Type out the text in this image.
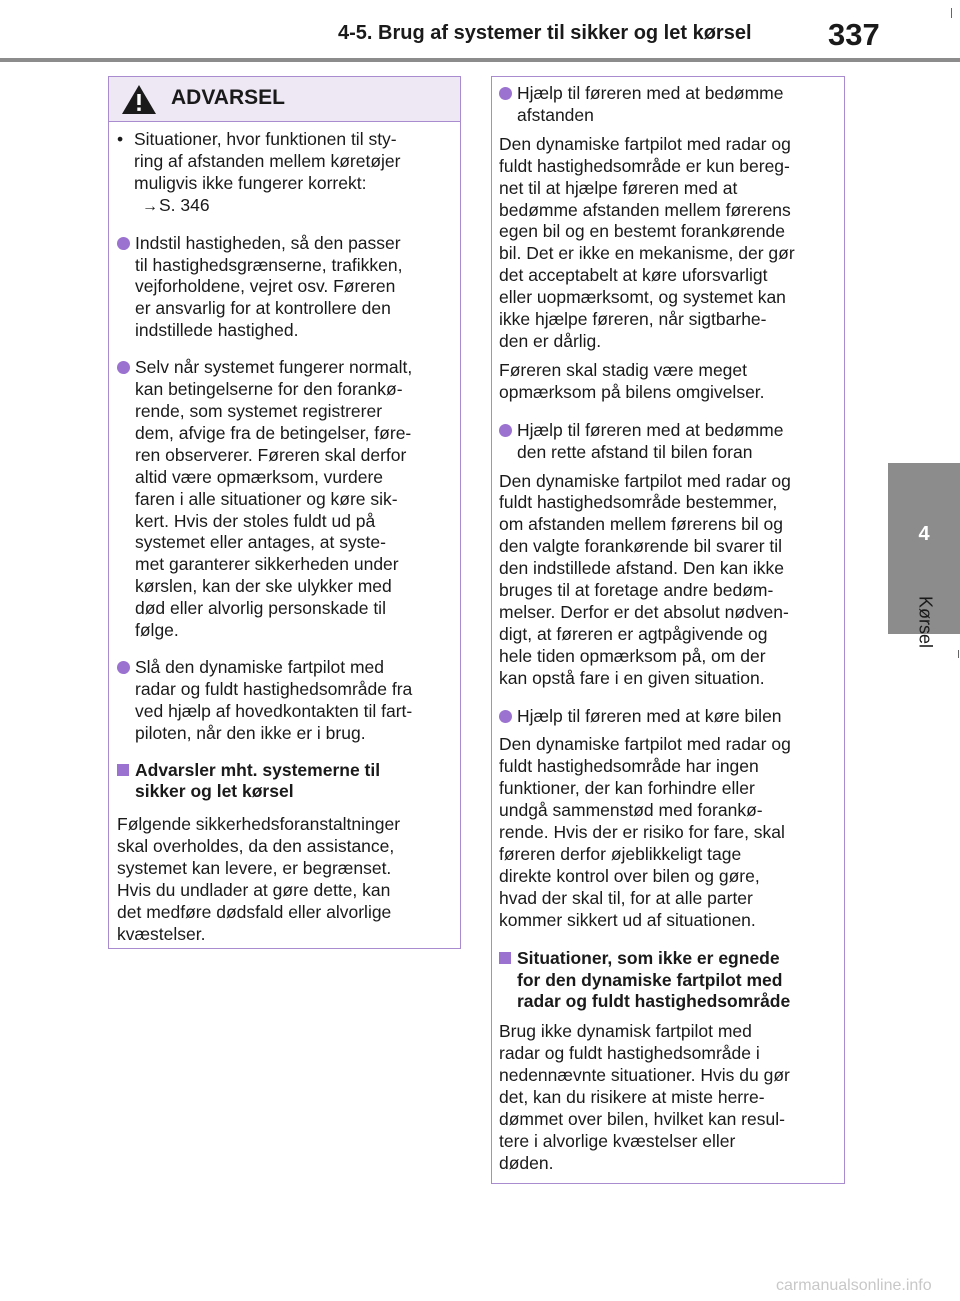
4-5. Brug af systemer til sikker og let kørsel 337
4
Kørsel
ADVARSEL
• Situationer, hvor funktionen til sty-
ring af afstanden mellem køretøjer
muligvis ikke fungerer korrekt:
→S. 346
Indstil hastigheden, så den passer
til hastighedsgrænserne, trafikken,
vejforholdene, vejret osv. Føreren
er ansvarlig for at kontrollere den
indstillede hastighed.
Selv når systemet fungerer normalt,
kan betingelserne for den forankø-
rende, som systemet registrerer
dem, afvige fra de betingelser, føre-
ren observerer. Føreren skal derfor
altid være opmærksom, vurdere
faren i alle situationer og køre sik-
kert. Hvis der stoles fuldt ud på
systemet eller antages, at syste-
met garanterer sikkerheden under
kørslen, kan der ske ulykker med
død eller alvorlig personskade til
følge.
Slå den dynamiske fartpilot med
radar og fuldt hastighedsområde fra
ved hjælp af hovedkontakten til fart-
piloten, når den ikke er i brug.
Advarsler mht. systemerne til
sikker og let kørsel
Følgende sikkerhedsforanstaltninger
skal overholdes, da den assistance,
systemet kan levere, er begrænset.
Hvis du undlader at gøre dette, kan
det medføre dødsfald eller alvorlige
kvæstelser.
Hjælp til føreren med at bedømme
afstanden
Den dynamiske fartpilot med radar og
fuldt hastighedsområde er kun bereg-
net til at hjælpe føreren med at
bedømme afstanden mellem førerens
egen bil og en bestemt forankørende
bil. Det er ikke en mekanisme, der gør
det acceptabelt at køre uforsvarligt
eller uopmærksomt, og systemet kan
ikke hjælpe føreren, når sigtbarhe-
den er dårlig.
Føreren skal stadig være meget
opmærksom på bilens omgivelser.
Hjælp til føreren med at bedømme
den rette afstand til bilen foran
Den dynamiske fartpilot med radar og
fuldt hastighedsområde bestemmer,
om afstanden mellem førerens bil og
den valgte forankørende bil svarer til
den indstillede afstand. Den kan ikke
bruges til at foretage andre bedøm-
melser. Derfor er det absolut nødven-
digt, at føreren er agtpågivende og
hele tiden opmærksom på, om der
kan opstå fare i en given situation.
Hjælp til føreren med at køre bilen
Den dynamiske fartpilot med radar og
fuldt hastighedsområde har ingen
funktioner, der kan forhindre eller
undgå sammenstød med forankø-
rende. Hvis der er risiko for fare, skal
føreren derfor øjeblikkeligt tage
direkte kontrol over bilen og gøre,
hvad der skal til, for at alle parter
kommer sikkert ud af situationen.
Situationer, som ikke er egnede
for den dynamiske fartpilot med
radar og fuldt hastighedsområde
Brug ikke dynamisk fartpilot med
radar og fuldt hastighedsområde i
nedennævnte situationer. Hvis du gør
det, kan du risikere at miste herre-
dømmet over bilen, hvilket kan resul-
tere i alvorlige kvæstelser eller
døden.
carmanualsonline.info
